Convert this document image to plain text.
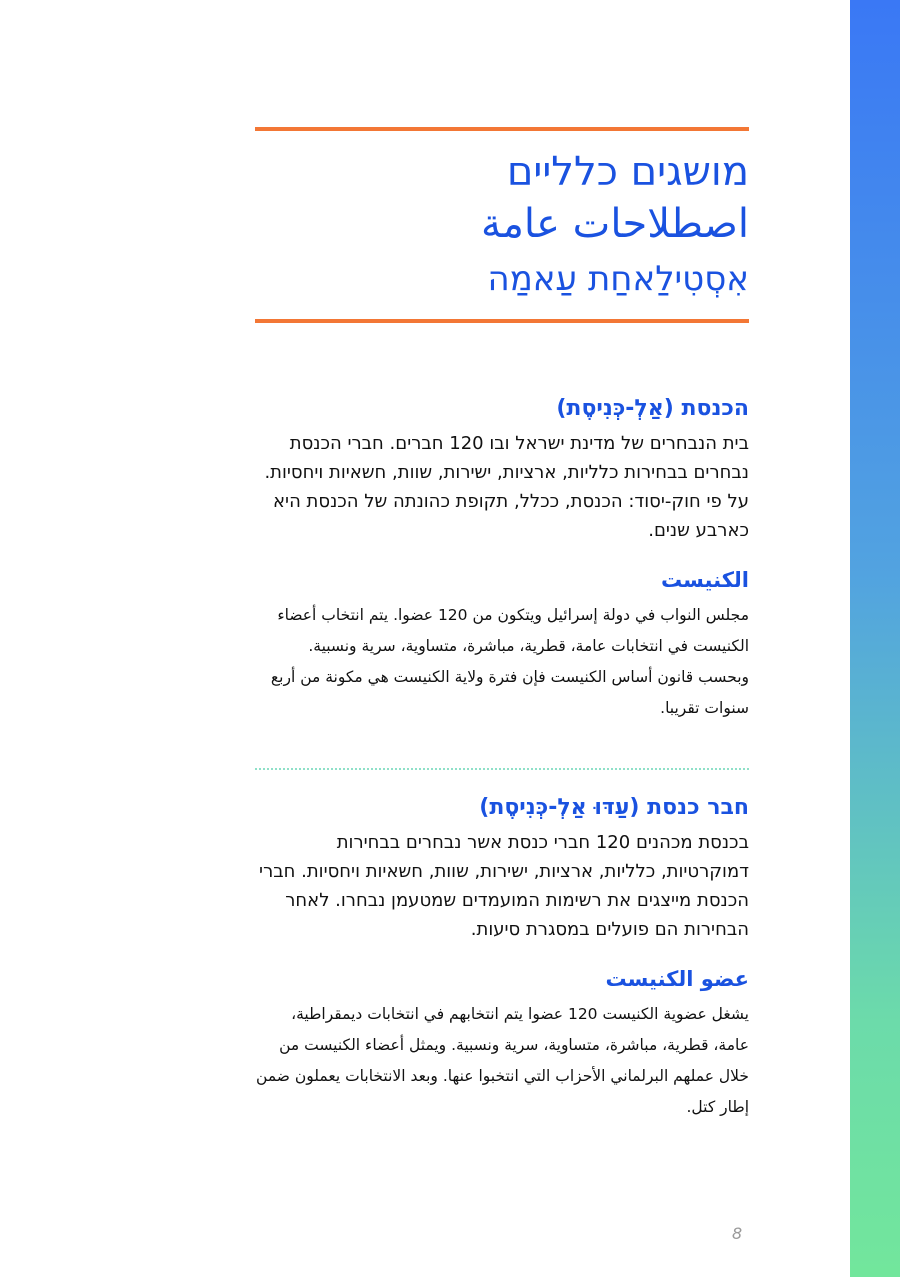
מושגים כלליים
اصطلاحات عامة
אִסְטִילַאחַת עַאמַה
הכנסת (אַלְ-כְּנִיסֶת)

בית הנבחרים של מדינת ישראל ובו 120 חברים. חברי הכנסת נבחרים בבחירות כלליות, ארציות, ישירות, שוות, חשאיות ויחסיות. על פי חוק-יסוד: הכנסת, ככלל, תקופת כהונתה של הכנסת היא כארבע שנים.

الكنيست

مجلس النواب في دولة إسرائيل ويتكون من 120 عضوا. يتم انتخاب أعضاء الكنيست في انتخابات عامة، قطرية، مباشرة، متساوية، سرية ونسبية. وبحسب قانون أساس الكنيست فإن فترة ولاية الكنيست هي مكونة من أربع سنوات تقريبا.

חבר כנסת (עַדּוּ אַלְ-כְּנִיסֶת)

בכנסת מכהנים 120 חברי כנסת אשר נבחרים בבחירות דמוקרטיות, כלליות, ארציות, ישירות, שוות, חשאיות ויחסיות. חברי הכנסת מייצגים את רשימות המועמדים שמטעמן נבחרו. לאחר הבחירות הם פועלים במסגרת סיעות.

عضو الكنيست

يشغل عضوية الكنيست 120 عضوا يتم انتخابهم في انتخابات ديمقراطية، عامة، قطرية، مباشرة، متساوية، سرية ونسبية. ويمثل أعضاء الكنيست من خلال عملهم البرلماني الأحزاب التي انتخبوا عنها. وبعد الانتخابات يعملون ضمن إطار كتل.

8
